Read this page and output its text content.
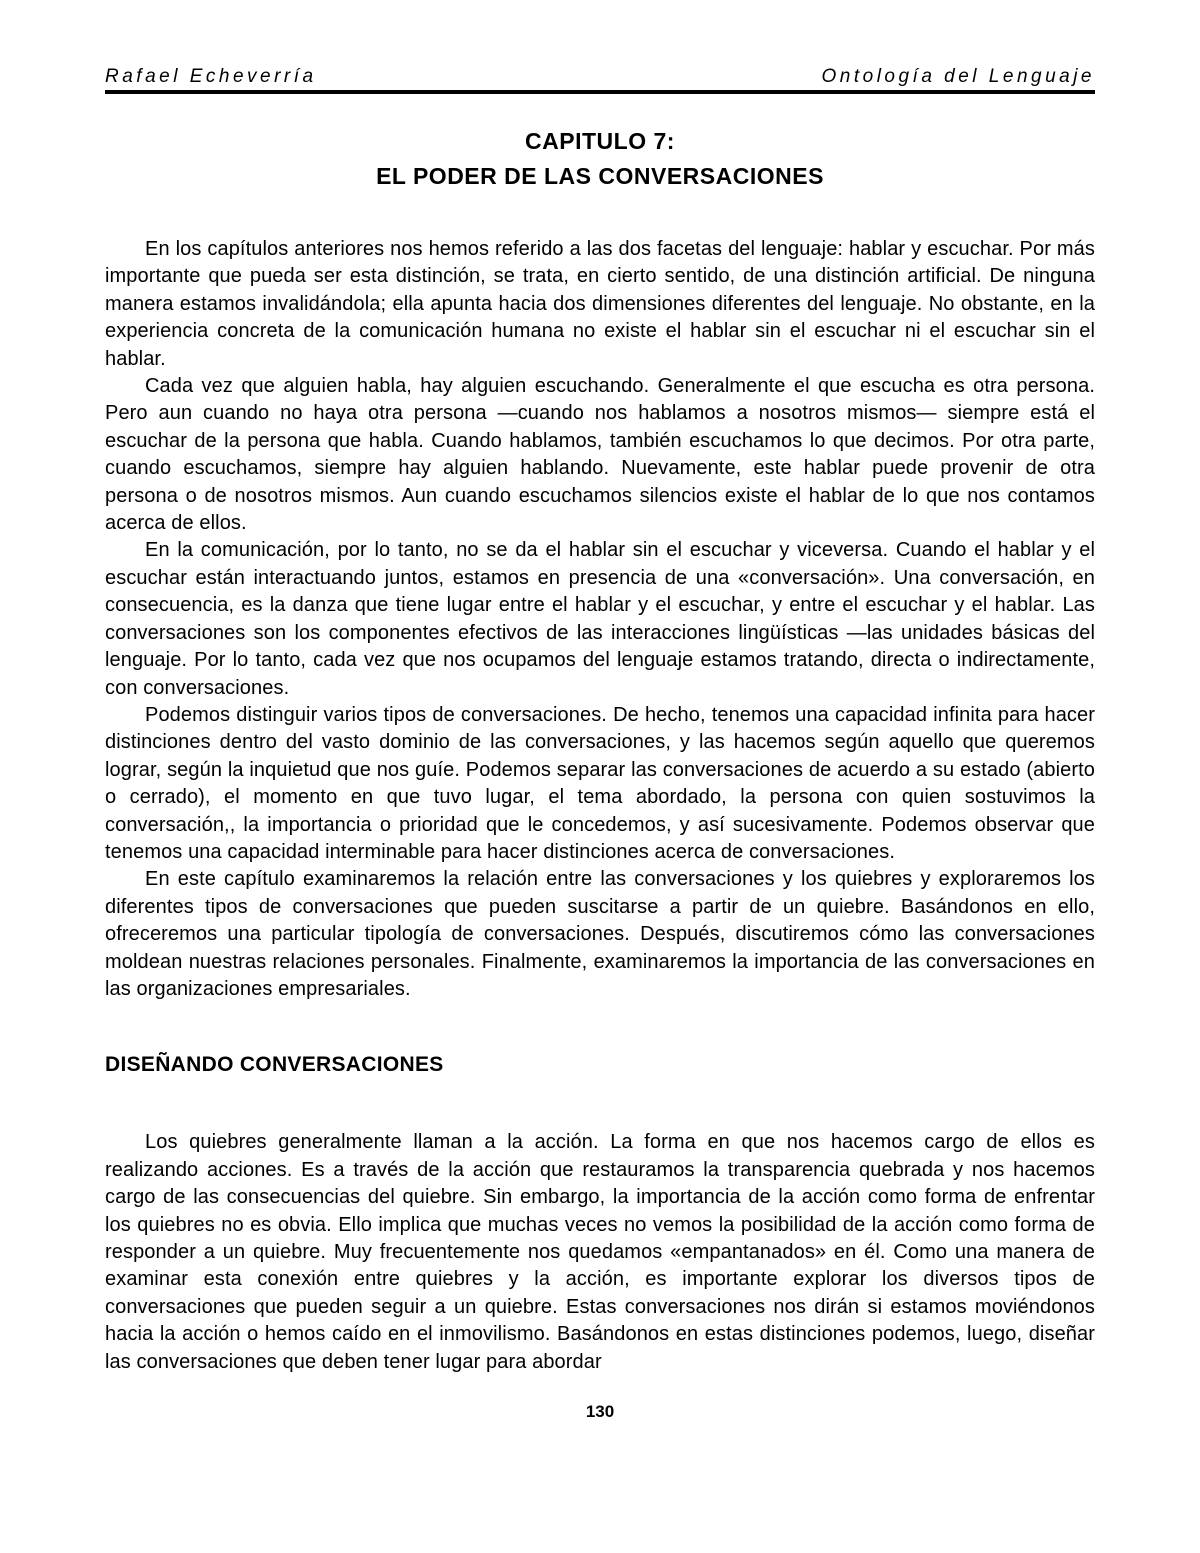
Rafael Echeverría	Ontología del Lenguaje
CAPITULO 7:
EL PODER DE LAS CONVERSACIONES

En los capítulos anteriores nos hemos referido a las dos facetas del lenguaje: hablar y escuchar. Por más importante que pueda ser esta distinción, se trata, en cierto sentido, de una distinción artificial. De ninguna manera estamos invalidándola; ella apunta hacia dos dimensiones diferentes del lenguaje. No obstante, en la experiencia concreta de la comunicación humana no existe el hablar sin el escuchar ni el escuchar sin el hablar.

Cada vez que alguien habla, hay alguien escuchando. Generalmente el que escucha es otra persona. Pero aun cuando no haya otra persona —cuando nos hablamos a nosotros mismos— siempre está el escuchar de la persona que habla. Cuando hablamos, también escuchamos lo que decimos. Por otra parte, cuando escuchamos, siempre hay alguien hablando. Nuevamente, este hablar puede provenir de otra persona o de nosotros mismos. Aun cuando escuchamos silencios existe el hablar de lo que nos contamos acerca de ellos.

En la comunicación, por lo tanto, no se da el hablar sin el escuchar y viceversa. Cuando el hablar y el escuchar están interactuando juntos, estamos en presencia de una «conversación». Una conversación, en consecuencia, es la danza que tiene lugar entre el hablar y el escuchar, y entre el escuchar y el hablar. Las conversaciones son los componentes efectivos de las interacciones lingüísticas —las unidades básicas del lenguaje. Por lo tanto, cada vez que nos ocupamos del lenguaje estamos tratando, directa o indirectamente, con conversaciones.

Podemos distinguir varios tipos de conversaciones. De hecho, tenemos una capacidad infinita para hacer distinciones dentro del vasto dominio de las conversaciones, y las hacemos según aquello que queremos lograr, según la inquietud que nos guíe. Podemos separar las conversaciones de acuerdo a su estado (abierto o cerrado), el momento en que tuvo lugar, el tema abordado, la persona con quien sostuvimos la conversación,, la importancia o prioridad que le concedemos, y así sucesivamente. Podemos observar que tenemos una capacidad interminable para hacer distinciones acerca de conversaciones.

En este capítulo examinaremos la relación entre las conversaciones y los quiebres y exploraremos los diferentes tipos de conversaciones que pueden suscitarse a partir de un quiebre. Basándonos en ello, ofreceremos una particular tipología de conversaciones. Después, discutiremos cómo las conversaciones moldean nuestras relaciones personales. Finalmente, examinaremos la importancia de las conversaciones en las organizaciones empresariales.

DISEÑANDO CONVERSACIONES

Los quiebres generalmente llaman a la acción. La forma en que nos hacemos cargo de ellos es realizando acciones. Es a través de la acción que restauramos la transparencia quebrada y nos hacemos cargo de las consecuencias del quiebre. Sin embargo, la importancia de la acción como forma de enfrentar los quiebres no es obvia. Ello implica que muchas veces no vemos la posibilidad de la acción como forma de responder a un quiebre. Muy frecuentemente nos quedamos «empantanados» en él. Como una manera de examinar esta conexión entre quiebres y la acción, es importante explorar los diversos tipos de conversaciones que pueden seguir a un quiebre. Estas conversaciones nos dirán si estamos moviéndonos hacia la acción o hemos caído en el inmovilismo. Basándonos en estas distinciones podemos, luego, diseñar las conversaciones que deben tener lugar para abordar

130
